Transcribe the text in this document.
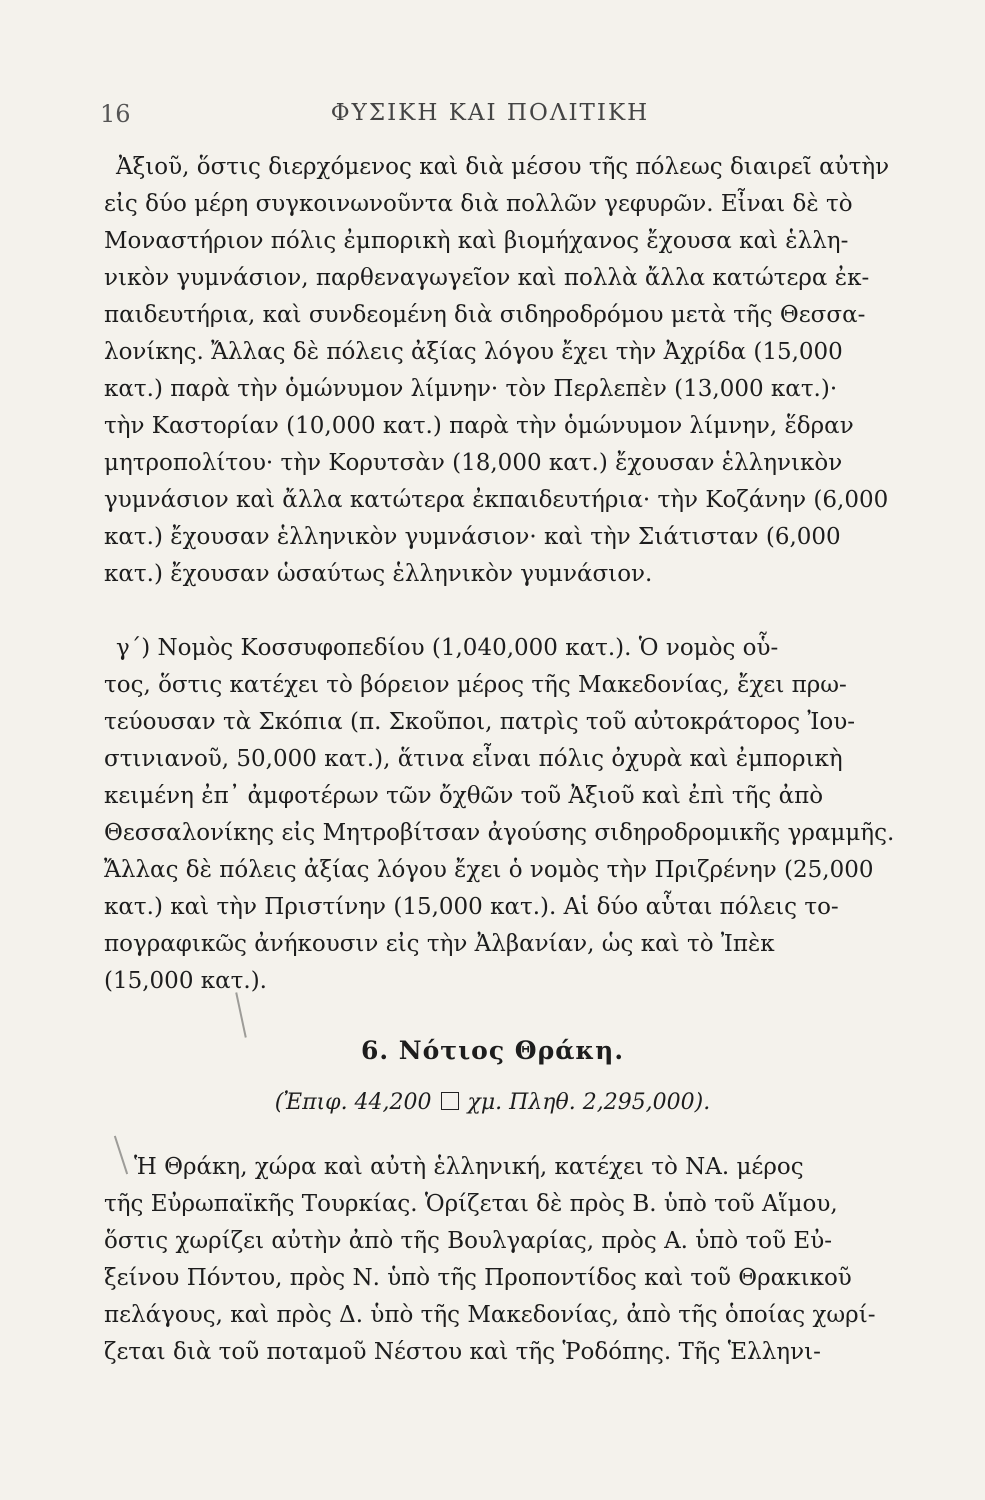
16	ΦΥΣΙΚΗ ΚΑΙ ΠΟΛΙΤΙΚΗ
Ἀξιοῦ, ὅστις διερχόμενος καὶ διὰ μέσου τῆς πόλεως διαιρεῖ αὐτὴν
εἰς δύο μέρη συγκοινωνοῦντα διὰ πολλῶν γεφυρῶν. Εἶναι δὲ τὸ
Μοναστήριον πόλις ἐμπορικὴ καὶ βιομήχανος ἔχουσα καὶ ἑλλη-
νικὸν γυμνάσιον, παρθεναγωγεῖον καὶ πολλὰ ἄλλα κατώτερα ἐκ-
παιδευτήρια, καὶ συνδεομένη διὰ σιδηροδρόμου μετὰ τῆς Θεσσα-
λονίκης. Ἄλλας δὲ πόλεις ἀξίας λόγου ἔχει τὴν Ἀχρίδα (15,000
κατ.) παρὰ τὴν ὁμώνυμον λίμνην· τὸν Περλεπὲν (13,000 κατ.)·
τὴν Καστορίαν (10,000 κατ.) παρὰ τὴν ὁμώνυμον λίμνην, ἕδραν
μητροπολίτου· τὴν Κορυτσὰν (18,000 κατ.) ἔχουσαν ἑλληνικὸν
γυμνάσιον καὶ ἄλλα κατώτερα ἐκπαιδευτήρια· τὴν Κοζάνην (6,000
κατ.) ἔχουσαν ἑλληνικὸν γυμνάσιον· καὶ τὴν Σιάτισταν (6,000
κατ.) ἔχουσαν ὡσαύτως ἑλληνικὸν γυμνάσιον.
γ´) Νομὸς Κοσσυφοπεδίου (1,040,000 κατ.). Ὁ νομὸς οὗ-
τος, ὅστις κατέχει τὸ βόρειον μέρος τῆς Μακεδονίας, ἔχει πρω-
τεύουσαν τὰ Σκόπια (π. Σκοῦποι, πατρὶς τοῦ αὐτοκράτορος Ἰου-
στινιανοῦ, 50,000 κατ.), ἅτινα εἶναι πόλις ὀχυρὰ καὶ ἐμπορικὴ
κειμένη ἐπ᾿ ἀμφοτέρων τῶν ὄχθῶν τοῦ Ἀξιοῦ καὶ ἐπὶ τῆς ἀπὸ
Θεσσαλονίκης εἰς Μητροβίτσαν ἀγούσης σιδηροδρομικῆς γραμμῆς.
Ἄλλας δὲ πόλεις ἀξίας λόγου ἔχει ὁ νομὸς τὴν Πριζρένην (25,000
κατ.) καὶ τὴν Πριστίνην (15,000 κατ.). Αἱ δύο αὗται πόλεις το-
πογραφικῶς ἀνήκουσιν εἰς τὴν Ἀλβανίαν, ὡς καὶ τὸ Ἰπὲκ
(15,000 κατ.).
Ἡ Θράκη, χώρα καὶ αὐτὴ ἑλληνική, κατέχει τὸ ΝΑ. μέρος
τῆς Εὐρωπαϊκῆς Τουρκίας. Ὁρίζεται δὲ πρὸς Β. ὑπὸ τοῦ Αἵμου,
ὅστις χωρίζει αὐτὴν ἀπὸ τῆς Βουλγαρίας, πρὸς Α. ὑπὸ τοῦ Εὐ-
ξείνου Πόντου, πρὸς Ν. ὑπὸ τῆς Προποντίδος καὶ τοῦ Θρακικοῦ
πελάγους, καὶ πρὸς Δ. ὑπὸ τῆς Μακεδονίας, ἀπὸ τῆς ὁποίας χωρί-
ζεται διὰ τοῦ ποταμοῦ Νέστου καὶ τῆς Ῥοδόπης. Τῆς Ἑλληνι-
6. Νότιος Θράκη.
(Ἐπιφ. 44,200 χμ. Πληθ. 2,295,000).
